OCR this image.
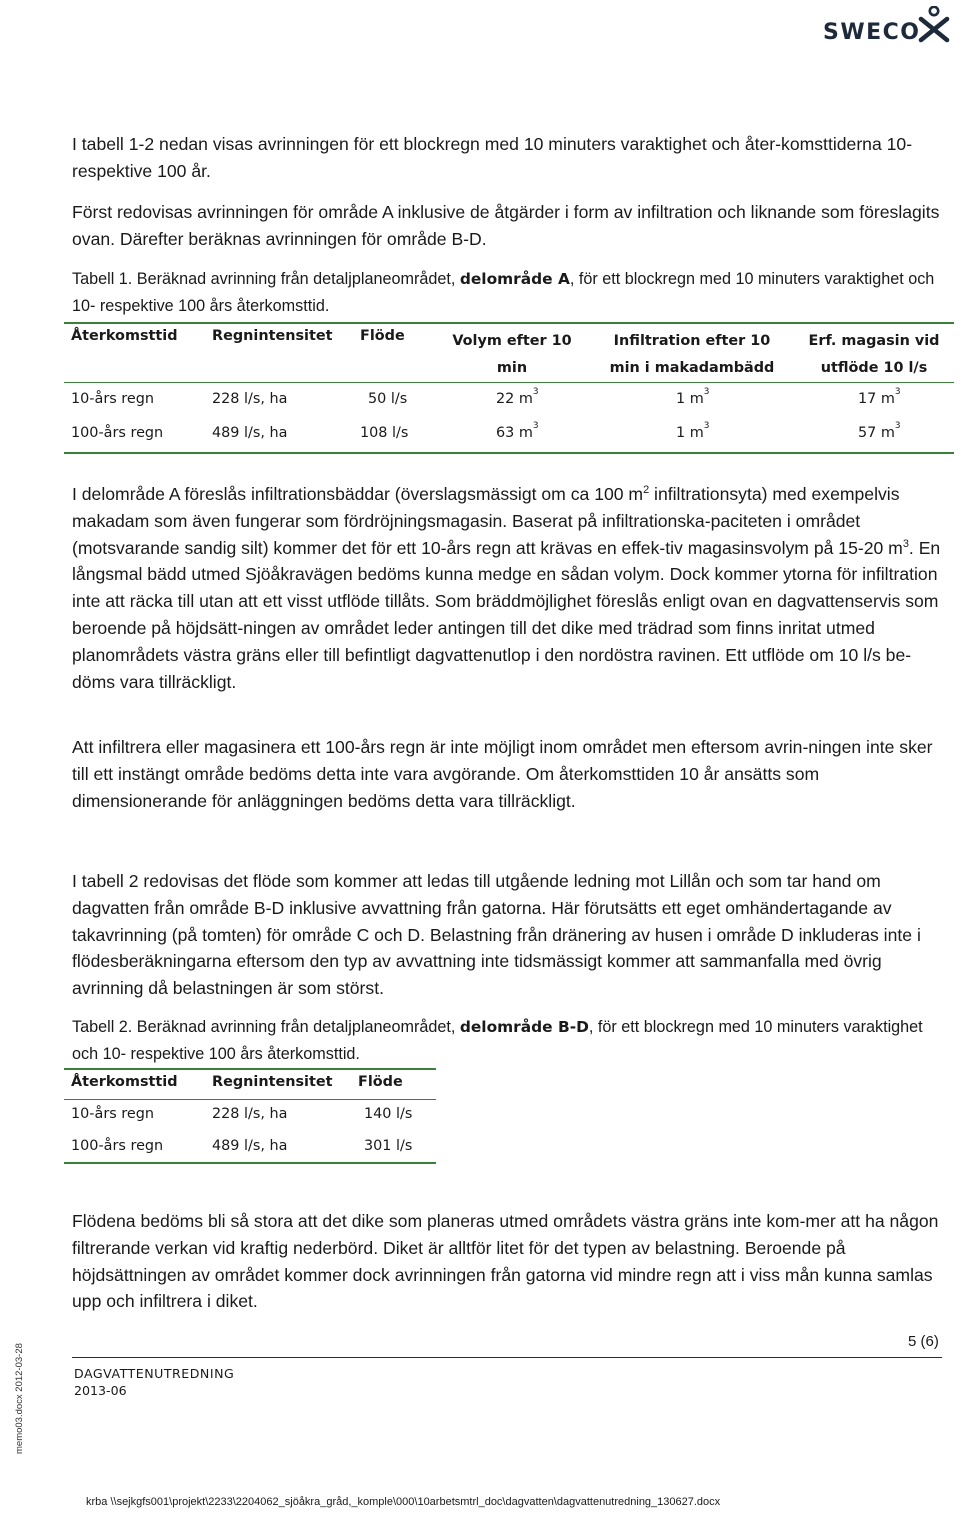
SWECO

I tabell 1-2 nedan visas avrinningen för ett blockregn med 10 minuters varaktighet och åter-komsttiderna 10- respektive 100 år.

Först redovisas avrinningen för område A inklusive de åtgärder i form av infiltration och liknande som föreslagits ovan. Därefter beräknas avrinningen för område B-D.

Tabell 1. Beräknad avrinning från detaljplaneområdet, delområde A, för ett blockregn med 10 minuters varaktighet och 10- respektive 100 års återkomsttid.

Återkomsttid	Regnintensitet	Flöde	Volym efter 10 min	Infiltration efter 10 min i makadambädd	Erf. magasin vid utflöde 10 l/s
10-års regn	228 l/s, ha	50 l/s	22 $m^3$	1 $m^3$	17 $m^3$
100-års regn	489 l/s, ha	108 l/s	63 $m^3$	1 $m^3$	57 $m^3$

I delområde A föreslås infiltrationsbäddar (överslagsmässigt om ca 100 $m^2$ infiltrationsyta) med exempelvis makadam som även fungerar som fördröjningsmagasin. Baserat på infiltrationska-paciteten i området (motsvarande sandig silt) kommer det för ett 10-års regn att krävas en effek-tiv magasinsvolym på 15-20 $m^3$. En långsmal bädd utmed Sjöåkravägen bedöms kunna medge en sådan volym. Dock kommer ytorna för infiltration inte att räcka till utan att ett visst utflöde tillåts. Som bräddmöjlighet föreslås enligt ovan en dagvattenservis som beroende på höjdsätt-ningen av området leder antingen till det dike med trädrad som finns inritat utmed planområdets västra gräns eller till befintligt dagvattenutlop i den nordöstra ravinen. Ett utflöde om 10 l/s be-döms vara tillräckligt.

Att infiltrera eller magasinera ett 100-års regn är inte möjligt inom området men eftersom avrin-ningen inte sker till ett instängt område bedöms detta inte vara avgörande. Om återkomsttiden 10 år ansätts som dimensionerande för anläggningen bedöms detta vara tillräckligt.

I tabell 2 redovisas det flöde som kommer att ledas till utgående ledning mot Lillån och som tar hand om dagvatten från område B-D inklusive avvattning från gatorna. Här förutsätts ett eget omhändertagande av takavrinning (på tomten) för område C och D. Belastning från dränering av husen i område D inkluderas inte i flödesberäkningarna eftersom den typ av avvattning inte tidsmässigt kommer att sammanfalla med övrig avrinning då belastningen är som störst.

Tabell 2. Beräknad avrinning från detaljplaneområdet, delområde B-D, för ett blockregn med 10 minuters varaktighet och 10- respektive 100 års återkomsttid.

Återkomsttid	Regnintensitet	Flöde
10-års regn	228 l/s, ha	140 l/s
100-års regn	489 l/s, ha	301 l/s

Flödena bedöms bli så stora att det dike som planeras utmed områdets västra gräns inte kom-mer att ha någon filtrerande verkan vid kraftig nederbörd. Diket är alltför litet för det typen av belastning. Beroende på höjdsättningen av området kommer dock avrinningen från gatorna vid mindre regn att i viss mån kunna samlas upp och infiltrera i diket.

5 (6)
DAGVATTENUTREDNING
2013-06
memo03.docx 2012-03-28
krba \\sejkgfs001\projekt\2233\2204062_sjöåkra_gråd,_komple\000\10arbetsmtrl_doc\dagvatten\dagvattenutredning_130627.docx
